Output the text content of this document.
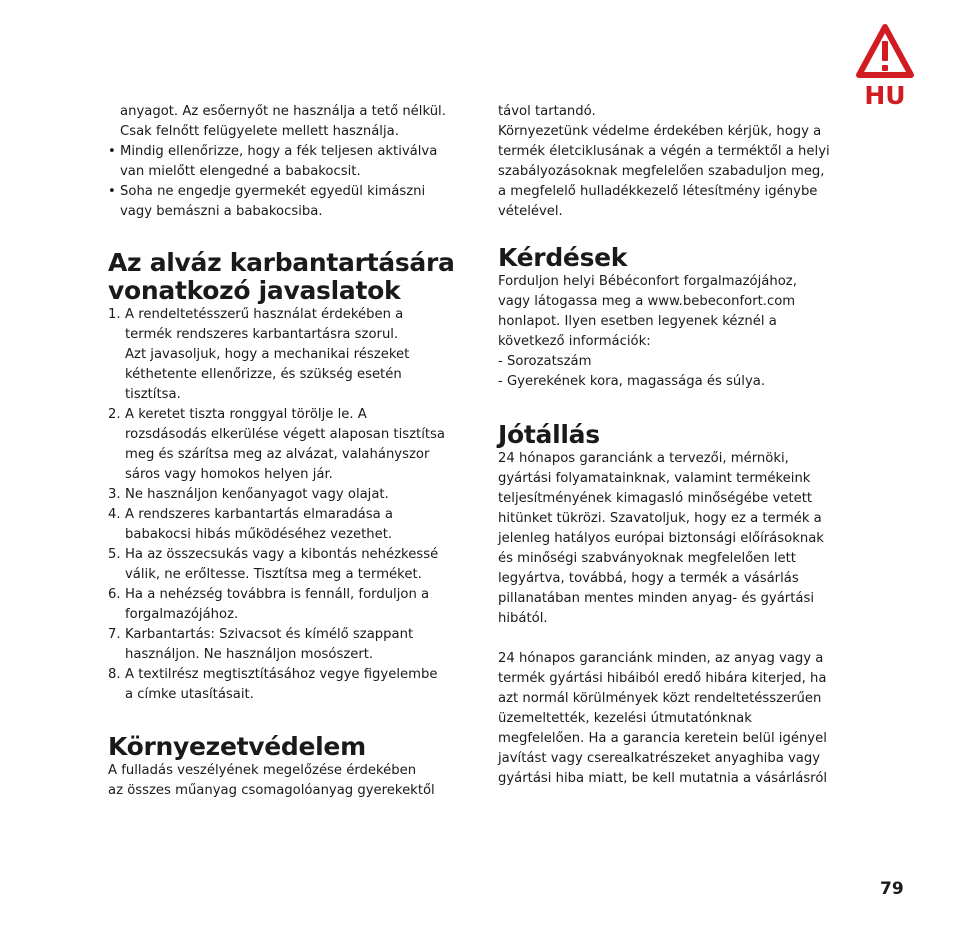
HU

anyagot. Az esőernyőt ne használja a tető nélkül.

Csak felnőtt felügyelete mellett használja.

• Mindig ellenőrizze, hogy a fék teljesen aktiválva

van mielőtt elengedné a babakocsit.

• Soha ne engedje gyermekét egyedül kimászni

vagy bemászni a babakocsiba.

Az alváz karbantartására
vonatkozó javaslatok
1. A rendeltetésszerű használat érdekében a

termék rendszeres karbantartásra szorul.

Azt javasoljuk, hogy a mechanikai részeket

kéthetente ellenőrizze, és szükség esetén

tisztítsa.

2. A keretet tiszta ronggyal törölje le. A

rozsdásodás elkerülése végett alaposan tisztítsa

meg és szárítsa meg az alvázat, valahányszor

sáros vagy homokos helyen jár.

3. Ne használjon kenőanyagot vagy olajat.

4. A rendszeres karbantartás elmaradása a

babakocsi hibás működéséhez vezethet.

5. Ha az összecsukás vagy a kibontás nehézkessé

válik, ne erőltesse. Tisztítsa meg a terméket.

6. Ha a nehézség továbbra is fennáll, forduljon a

forgalmazójához.

7. Karbantartás: Szivacsot és kímélő szappant

használjon. Ne használjon mosószert.

8. A textilrész megtisztításához vegye figyelembe

a címke utasításait.

Környezetvédelem

A fulladás veszélyének megelőzése érdekében

az összes műanyag csomagolóanyag gyerekektől

távol tartandó.

Környezetünk védelme érdekében kérjük, hogy a

termék életciklusának a végén a terméktől a helyi

szabályozásoknak megfelelően szabaduljon meg,

a megfelelő hulladékkezelő létesítmény igénybe

vételével.

Kérdések

Forduljon helyi Bébéconfort forgalmazójához,

vagy látogassa meg a www.bebeconfort.com

honlapot. Ilyen esetben legyenek kéznél a

következő információk:

- Sorozatszám

- Gyerekének kora, magassága és súlya.

Jótállás

24 hónapos garanciánk a tervezői, mérnöki,

gyártási folyamatainknak, valamint termékeink

teljesítményének kimagasló minőségébe vetett

hitünket tükrözi. Szavatoljuk, hogy ez a termék a

jelenleg hatályos európai biztonsági előírásoknak

és minőségi szabványoknak megfelelően lett

legyártva, továbbá, hogy a termék a vásárlás

pillanatában mentes minden anyag- és gyártási

hibától.

24 hónapos garanciánk minden, az anyag vagy a

termék gyártási hibáiból eredő hibára kiterjed, ha

azt normál körülmények közt rendeltetésszerűen

üzemeltették, kezelési útmutatónknak

megfelelően. Ha a garancia keretein belül igényel

javítást vagy cserealkatrészeket anyaghiba vagy

gyártási hiba miatt, be kell mutatnia a vásárlásról

79
